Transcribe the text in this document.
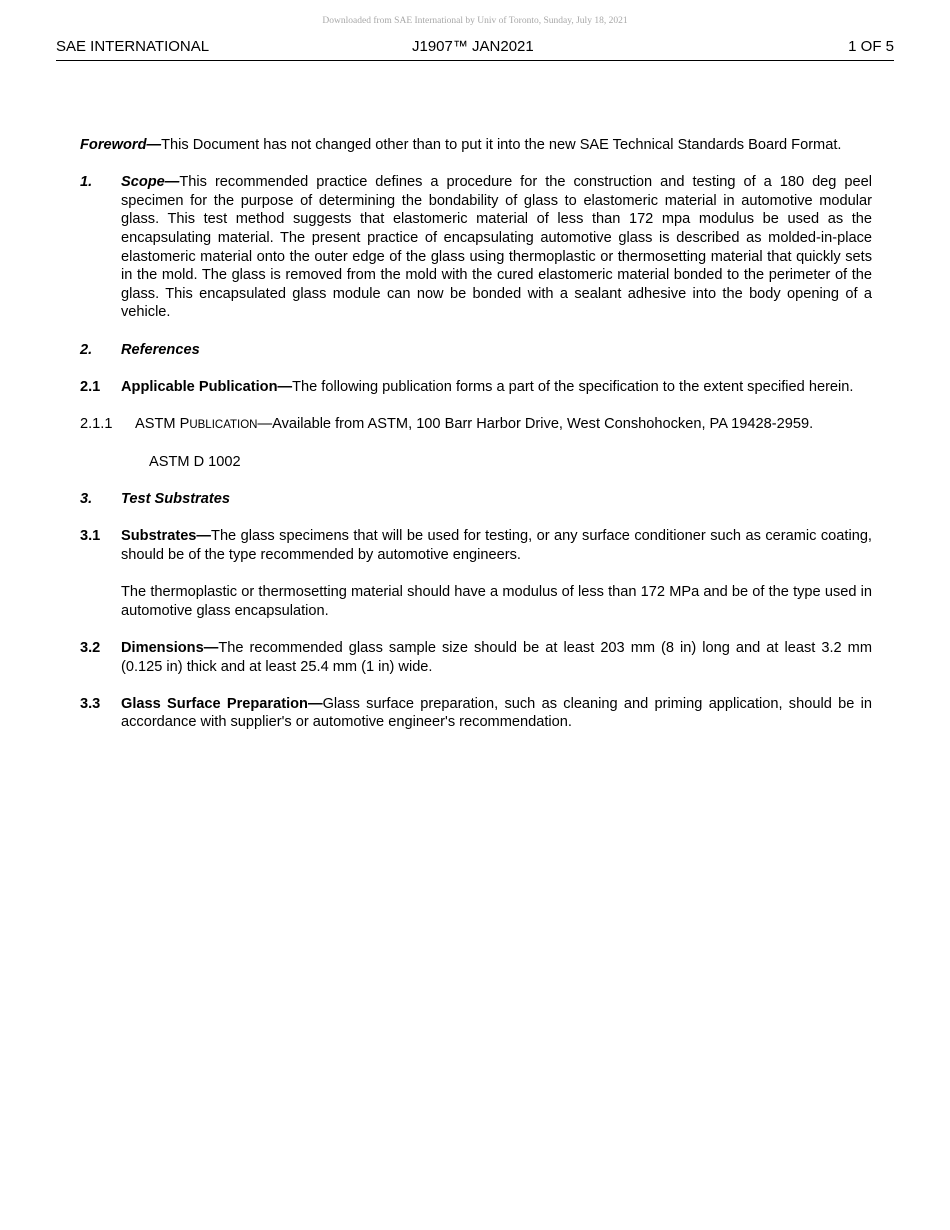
Downloaded from SAE International by Univ of Toronto, Sunday, July 18, 2021
SAE INTERNATIONAL	J1907™ JAN2021	1 OF 5

Foreword—This Document has not changed other than to put it into the new SAE Technical Standards Board Format.

1.	Scope—This recommended practice defines a procedure for the construction and testing of a 180 deg peel specimen for the purpose of determining the bondability of glass to elastomeric material in automotive modular glass. This test method suggests that elastomeric material of less than 172 mpa modulus be used as the encapsulating material. The present practice of encapsulating automotive glass is described as molded-in-place elastomeric material onto the outer edge of the glass using thermoplastic or thermosetting material that quickly sets in the mold. The glass is removed from the mold with the cured elastomeric material bonded to the perimeter of the glass. This encapsulated glass module can now be bonded with a sealant adhesive into the body opening of a vehicle.
2.	References
2.1	Applicable Publication—The following publication forms a part of the specification to the extent specified herein.
2.1.1	ASTM PUBLICATION—Available from ASTM, 100 Barr Harbor Drive, West Conshohocken, PA 19428-2959.

ASTM D 1002

3.	Test Substrates
3.1	Substrates—The glass specimens that will be used for testing, or any surface conditioner such as ceramic coating, should be of the type recommended by automotive engineers.

The thermoplastic or thermosetting material should have a modulus of less than 172 MPa and be of the type used in automotive glass encapsulation.

3.2	Dimensions—The recommended glass sample size should be at least 203 mm (8 in) long and at least 3.2 mm (0.125 in) thick and at least 25.4 mm (1 in) wide.
3.3	Glass Surface Preparation—Glass surface preparation, such as cleaning and priming application, should be in accordance with supplier's or automotive engineer's recommendation.
